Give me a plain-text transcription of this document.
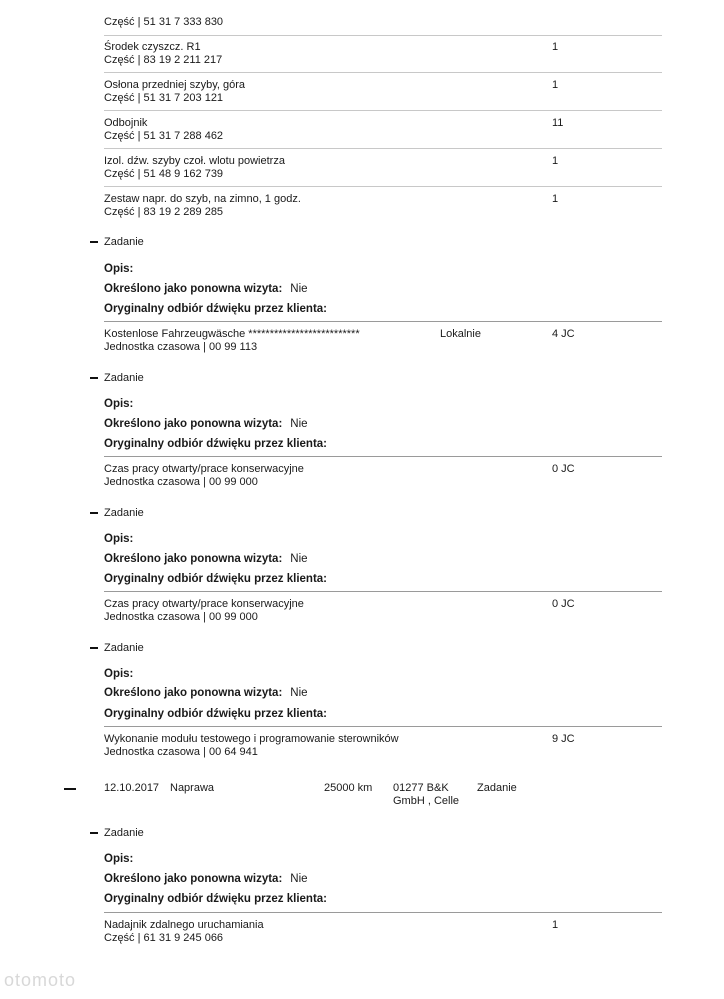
Część | 51 31 7 333 830
Środek czyszcz. R1
Część | 83 19 2 211 217
1
Osłona przedniej szyby, góra
Część | 51 31 7 203 121
1
Odbojnik
Część | 51 31 7 288 462
11
Izol. dźw. szyby czoł. wlotu powietrza
Część | 51 48 9 162 739
1
Zestaw napr. do szyb, na zimno, 1 godz.
Część | 83 19 2 289 285
1
Zadanie
Opis:
Określono jako ponowna wizyta: Nie
Oryginalny odbiór dźwięku przez klienta:
Kostenlose Fahrzeugwäsche **************************
Jednostka czasowa | 00 99 113
Lokalnie	4 JC
Zadanie
Opis:
Określono jako ponowna wizyta: Nie
Oryginalny odbiór dźwięku przez klienta:
Czas pracy otwarty/prace konserwacyjne
Jednostka czasowa | 00 99 000
0 JC
Zadanie
Opis:
Określono jako ponowna wizyta: Nie
Oryginalny odbiór dźwięku przez klienta:
Czas pracy otwarty/prace konserwacyjne
Jednostka czasowa | 00 99 000
0 JC
Zadanie
Opis:
Określono jako ponowna wizyta: Nie
Oryginalny odbiór dźwięku przez klienta:
Wykonanie modułu testowego i programowanie sterowników
Jednostka czasowa | 00 64 941
9 JC
12.10.2017 Naprawa	25000 km 01277 B&K
GmbH , Celle
Zadanie
Zadanie
Opis:
Określono jako ponowna wizyta: Nie
Oryginalny odbiór dźwięku przez klienta:
Nadajnik zdalnego uruchamiania
Część | 61 31 9 245 066
1
otomoto
